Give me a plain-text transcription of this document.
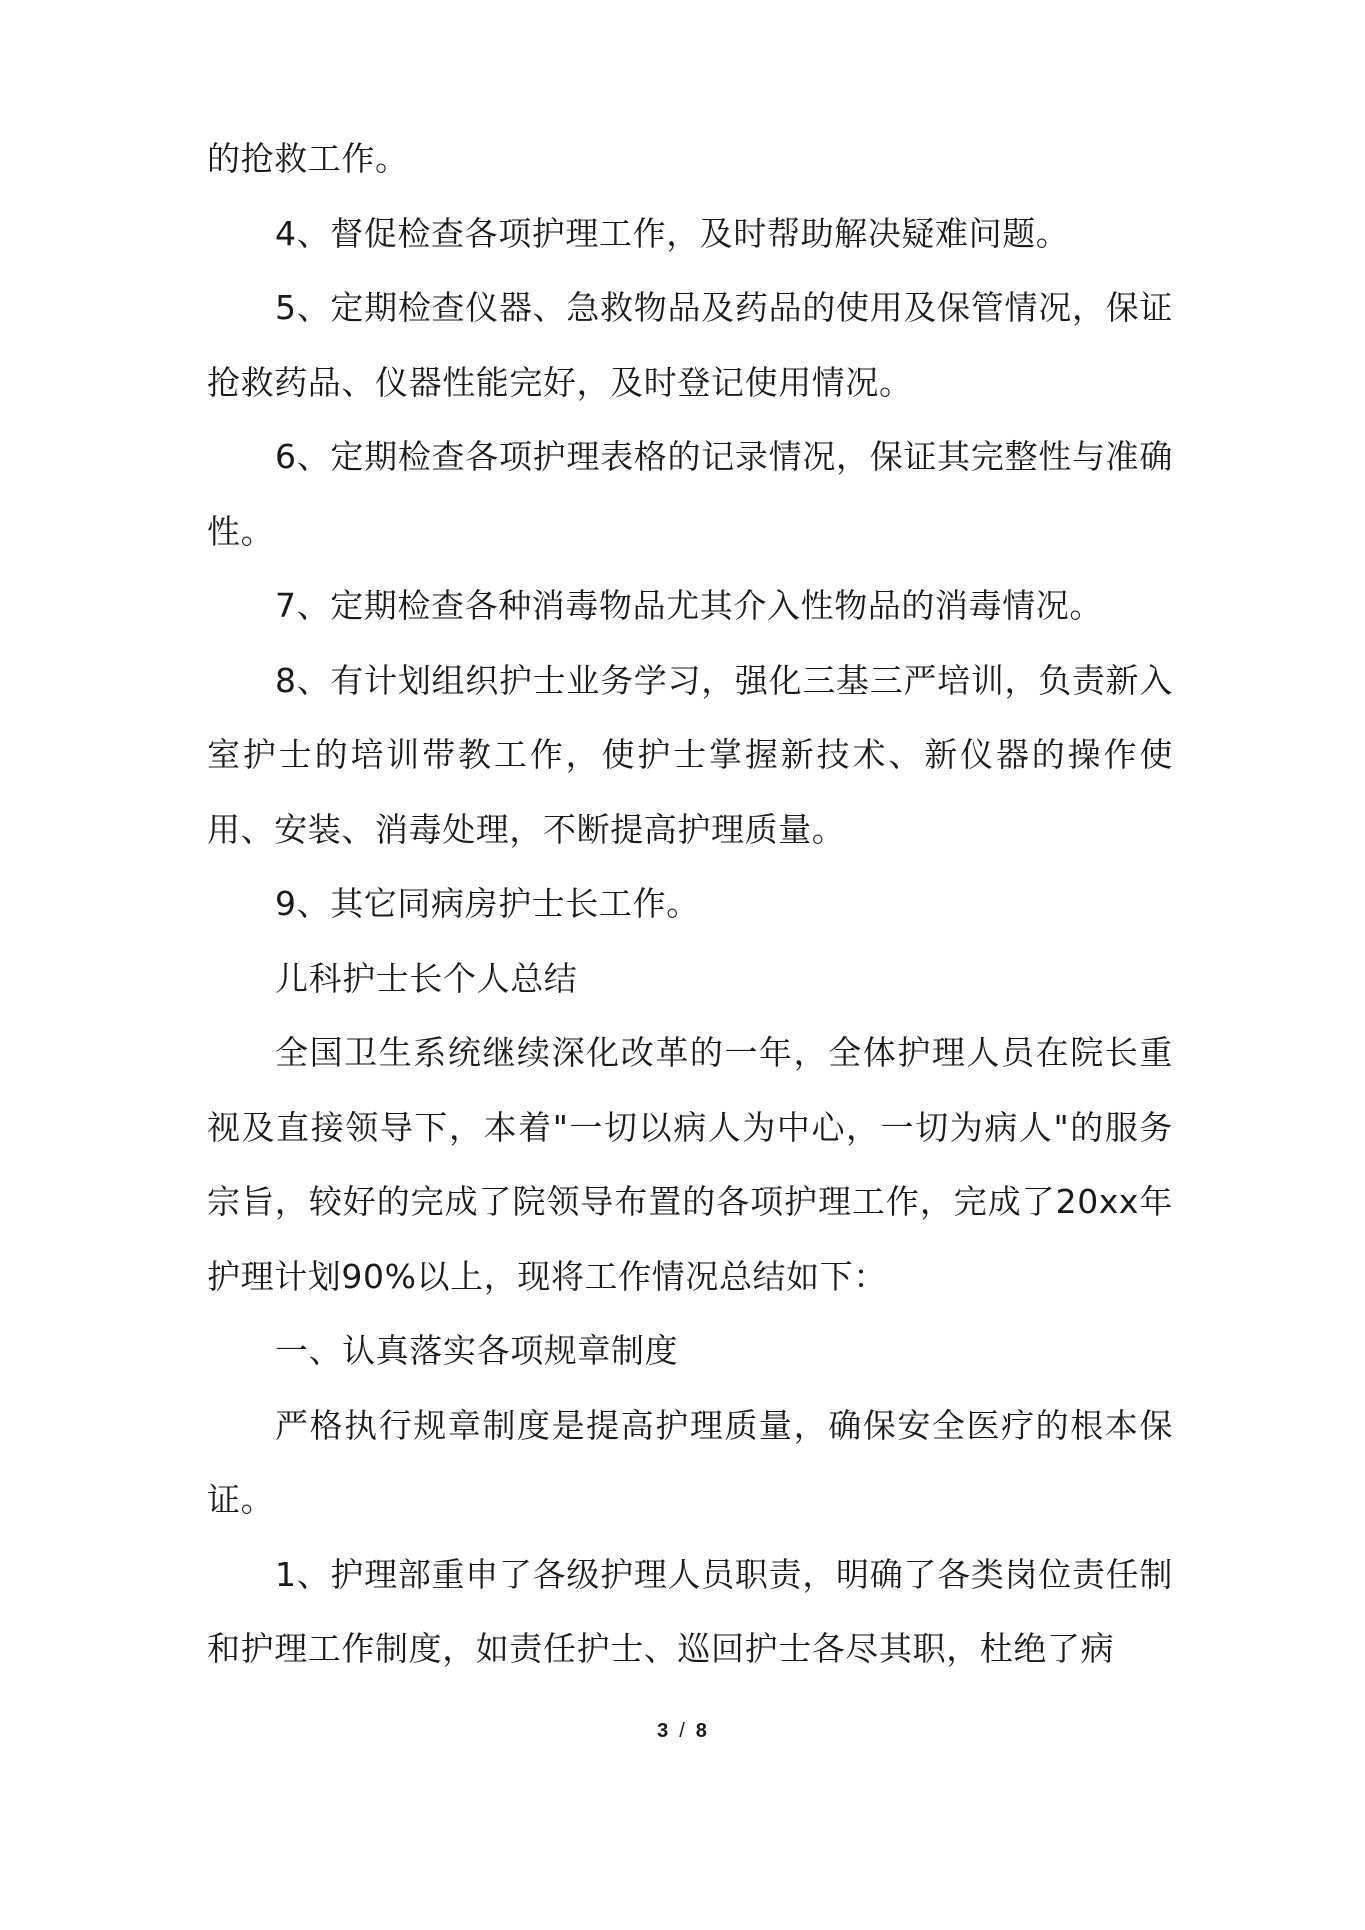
的抢救工作。

4、督促检查各项护理工作，及时帮助解决疑难问题。

5、定期检查仪器、急救物品及药品的使用及保管情况，保证抢救药品、仪器性能完好，及时登记使用情况。

6、定期检查各项护理表格的记录情况，保证其完整性与准确性。

7、定期检查各种消毒物品尤其介入性物品的消毒情况。

8、有计划组织护士业务学习，强化三基三严培训，负责新入室护士的培训带教工作，使护士掌握新技术、新仪器的操作使用、安装、消毒处理，不断提高护理质量。

9、其它同病房护士长工作。

儿科护士长个人总结

全国卫生系统继续深化改革的一年，全体护理人员在院长重视及直接领导下，本着"一切以病人为中心，一切为病人"的服务宗旨，较好的完成了院领导布置的各项护理工作，完成了20xx年护理计划90%以上，现将工作情况总结如下：

一、认真落实各项规章制度

严格执行规章制度是提高护理质量，确保安全医疗的根本保证。

1、护理部重申了各级护理人员职责，明确了各类岗位责任制和护理工作制度，如责任护士、巡回护士各尽其职，杜绝了病

3 / 8
